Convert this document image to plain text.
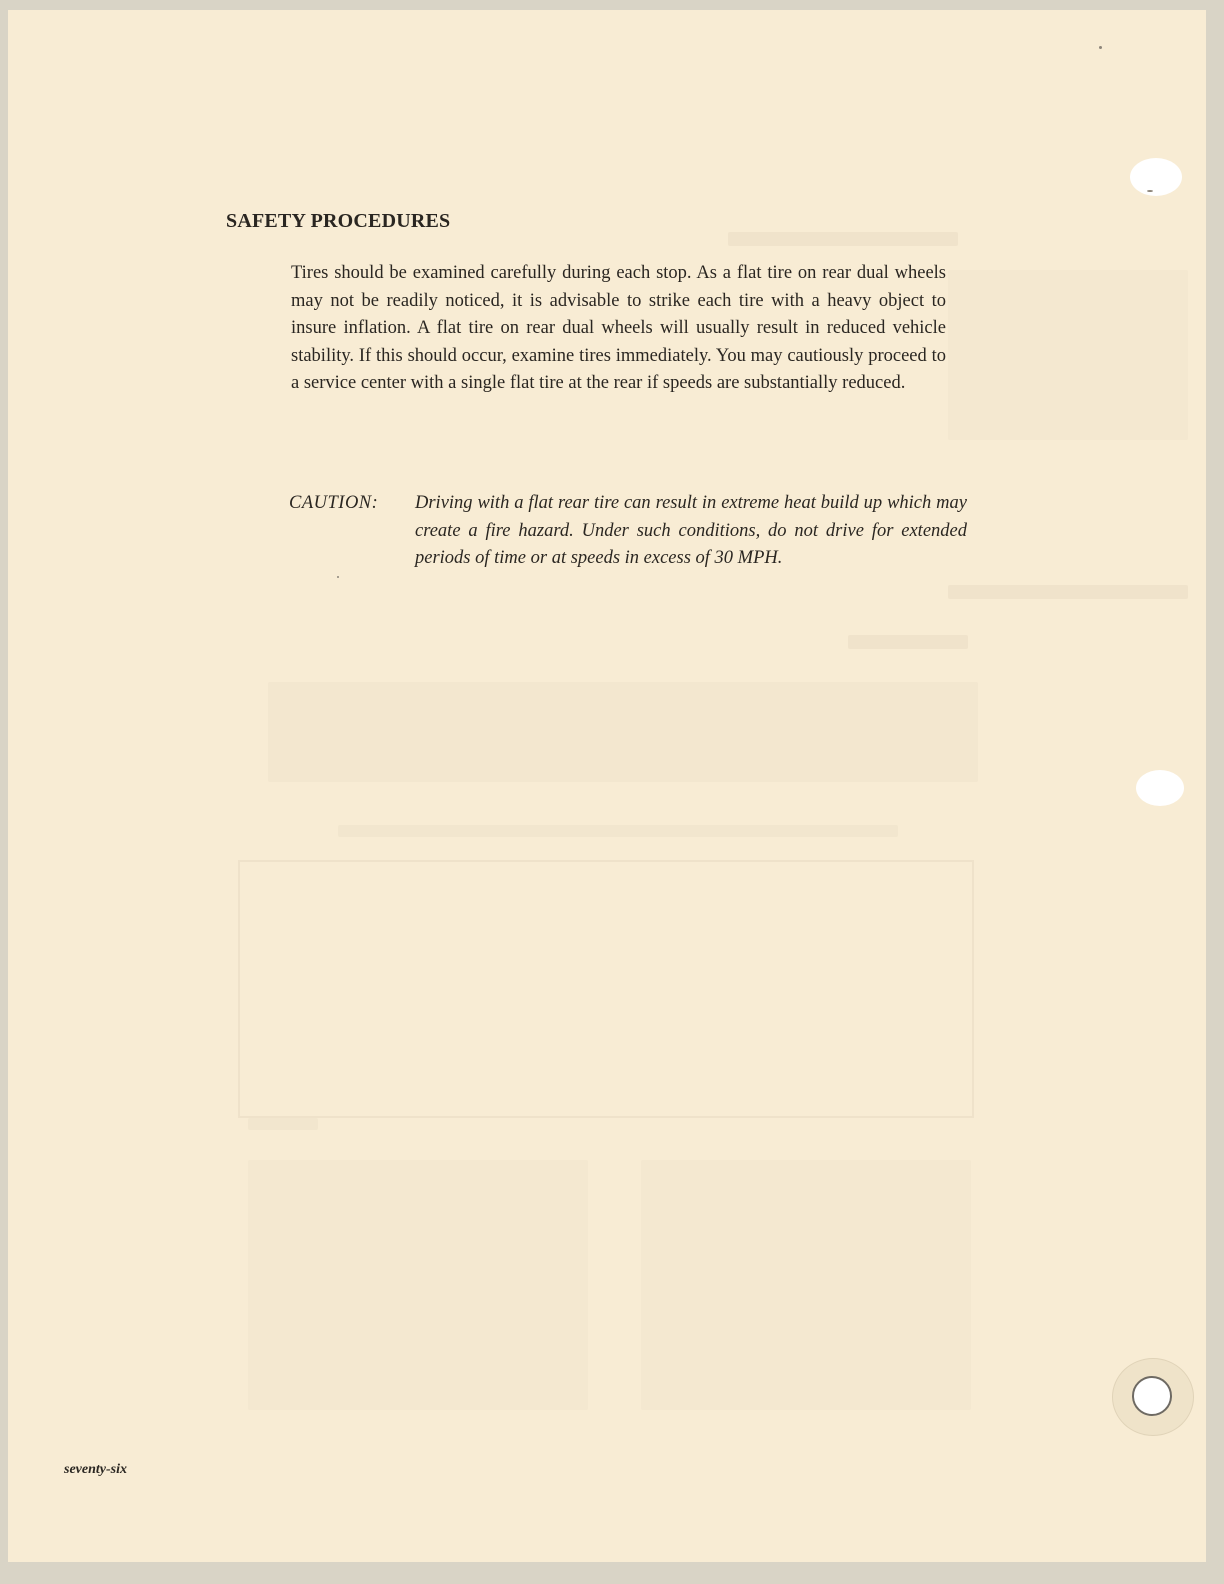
SAFETY PROCEDURES

Tires should be examined carefully during each stop. As a flat tire on rear dual wheels may not be readily noticed, it is advisable to strike each tire with a heavy object to insure inflation. A flat tire on rear dual wheels will usually result in reduced vehicle stability. If this should occur, examine tires immediately. You may cautiously proceed to a service center with a single flat tire at the rear if speeds are substantially reduced.

CAUTION: Driving with a flat rear tire can result in extreme heat build up which may create a fire hazard. Under such conditions, do not drive for extended periods of time or at speeds in excess of 30 MPH.

seventy-six
